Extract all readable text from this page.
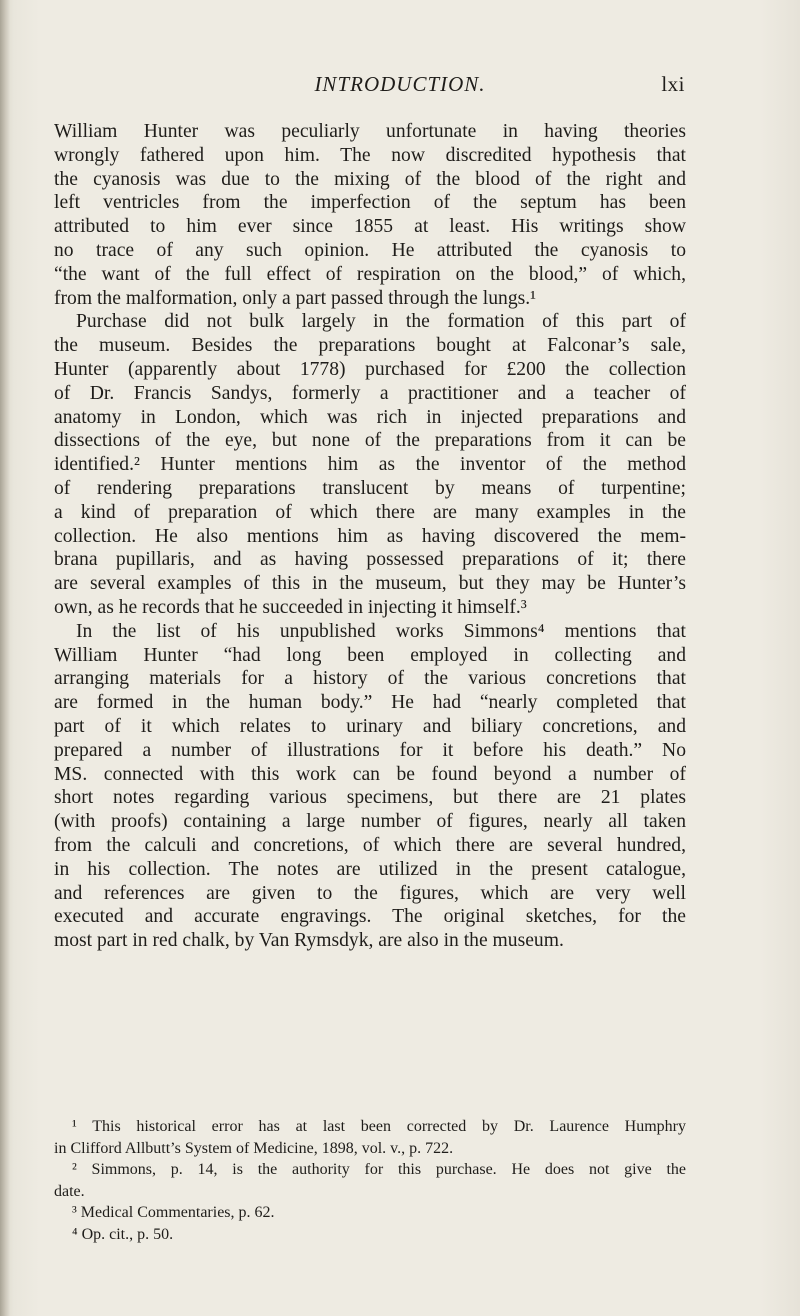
INTRODUCTION.	lxi
William Hunter was peculiarly unfortunate in having theories
wrongly fathered upon him. The now discredited hypothesis that
the cyanosis was due to the mixing of the blood of the right and
left ventricles from the imperfection of the septum has been
attributed to him ever since 1855 at least. His writings show
no trace of any such opinion. He attributed the cyanosis to
“the want of the full effect of respiration on the blood,” of which,
from the malformation, only a part passed through the lungs.¹
Purchase did not bulk largely in the formation of this part of
the museum. Besides the preparations bought at Falconar’s sale,
Hunter (apparently about 1778) purchased for £200 the collection
of Dr. Francis Sandys, formerly a practitioner and a teacher of
anatomy in London, which was rich in injected preparations and
dissections of the eye, but none of the preparations from it can be
identified.² Hunter mentions him as the inventor of the method
of rendering preparations translucent by means of turpentine;
a kind of preparation of which there are many examples in the
collection. He also mentions him as having discovered the mem-
brana pupillaris, and as having possessed preparations of it; there
are several examples of this in the museum, but they may be Hunter’s
own, as he records that he succeeded in injecting it himself.³
In the list of his unpublished works Simmons⁴ mentions that
William Hunter “had long been employed in collecting and
arranging materials for a history of the various concretions that
are formed in the human body.” He had “nearly completed that
part of it which relates to urinary and biliary concretions, and
prepared a number of illustrations for it before his death.” No
MS. connected with this work can be found beyond a number of
short notes regarding various specimens, but there are 21 plates
(with proofs) containing a large number of figures, nearly all taken
from the calculi and concretions, of which there are several hundred,
in his collection. The notes are utilized in the present catalogue,
and references are given to the figures, which are very well
executed and accurate engravings. The original sketches, for the
most part in red chalk, by Van Rymsdyk, are also in the museum.
¹ This historical error has at last been corrected by Dr. Laurence Humphry
in Clifford Allbutt’s System of Medicine, 1898, vol. v., p. 722.
² Simmons, p. 14, is the authority for this purchase. He does not give the
date.
³ Medical Commentaries, p. 62.
⁴ Op. cit., p. 50.
